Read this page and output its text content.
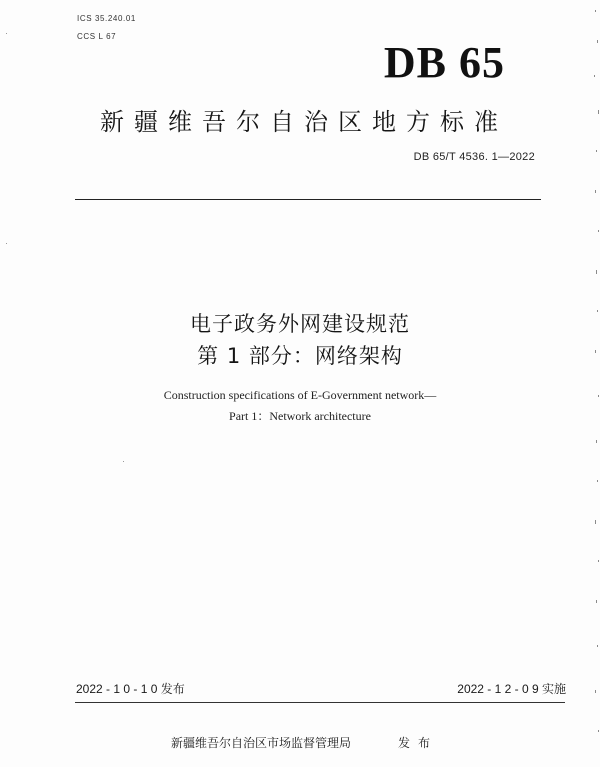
ICS 35.240.01
CCS L 67
DB 65
新疆维吾尔自治区地方标准
DB 65/T 4536. 1—2022
电子政务外网建设规范
第 1 部分：网络架构
Construction specifications of E-Government network—
Part 1：Network architecture
2022 - 1 0 - 1 0 发布	2022 - 1 2 - 0 9 实施
新疆维吾尔自治区市场监督管理局	发布
